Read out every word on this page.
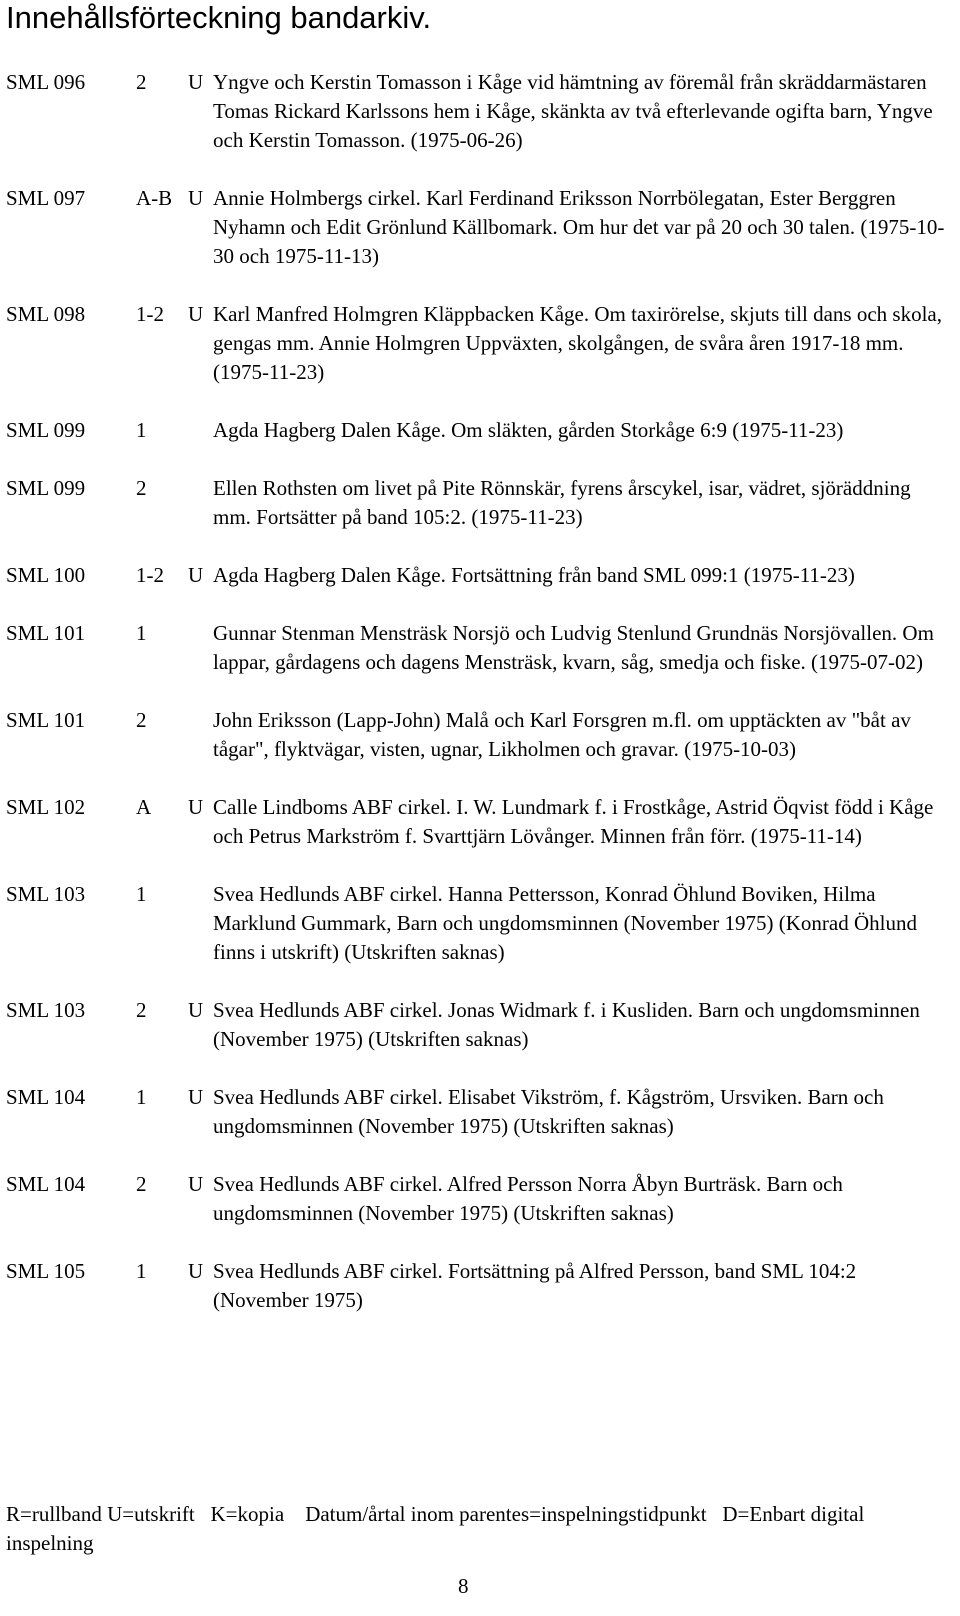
Innehållsförteckning bandarkiv.
SML 096 2 U Yngve och Kerstin Tomasson i Kåge vid hämtning av föremål från skräddarmästaren Tomas Rickard Karlssons hem i Kåge, skänkta av två efterlevande ogifta barn, Yngve och Kerstin Tomasson. (1975-06-26)
SML 097 A-B U Annie Holmbergs cirkel. Karl Ferdinand Eriksson Norrbölegatan, Ester Berggren Nyhamn och Edit Grönlund Källbomark. Om hur det var på 20 och 30 talen. (1975-10-30 och 1975-11-13)
SML 098 1-2 U Karl Manfred Holmgren Kläppbacken Kåge. Om taxirörelse, skjuts till dans och skola, gengas mm. Annie Holmgren Uppväxten, skolgången, de svåra åren 1917-18 mm. (1975-11-23)
SML 099 1	Agda Hagberg Dalen Kåge. Om släkten, gården Storkåge 6:9 (1975-11-23)
SML 099 2	Ellen Rothsten om livet på Pite Rönnskär, fyrens årscykel, isar, vädret, sjöräddning mm. Fortsätter på band 105:2. (1975-11-23)
SML 100 1-2 U Agda Hagberg Dalen Kåge. Fortsättning från band SML 099:1 (1975-11-23)
SML 101 1	Gunnar Stenman Mensträsk Norsjö och Ludvig Stenlund Grundnäs Norsjövallen. Om lappar, gårdagens och dagens Mensträsk, kvarn, såg, smedja och fiske. (1975-07-02)
SML 101 2	John Eriksson (Lapp-John) Malå och Karl Forsgren m.fl. om upptäckten av "båt av tågar", flyktvägar, visten, ugnar, Likholmen och gravar. (1975-10-03)
SML 102 A U Calle Lindboms ABF cirkel. I. W. Lundmark f. i Frostkåge, Astrid Öqvist född i Kåge och Petrus Markström f. Svarttjärn Lövånger. Minnen från förr. (1975-11-14)
SML 103 1	Svea Hedlunds ABF cirkel. Hanna Pettersson, Konrad Öhlund Boviken, Hilma Marklund Gummark, Barn och ungdomsminnen (November 1975) (Konrad Öhlund finns i utskrift) (Utskriften saknas)
SML 103 2 U Svea Hedlunds ABF cirkel. Jonas Widmark f. i Kusliden. Barn och ungdomsminnen (November 1975) (Utskriften saknas)
SML 104 1 U Svea Hedlunds ABF cirkel. Elisabet Vikström, f. Kågström, Ursviken. Barn och ungdomsminnen (November 1975) (Utskriften saknas)
SML 104 2 U Svea Hedlunds ABF cirkel. Alfred Persson Norra Åbyn Burträsk. Barn och ungdomsminnen (November 1975) (Utskriften saknas)
SML 105 1 U Svea Hedlunds ABF cirkel. Fortsättning på Alfred Persson, band SML 104:2 (November 1975)
R=rullband U=utskrift K=kopia Datum/årtal inom parentes=inspelningstidpunkt D=Enbart digital inspelning
8
